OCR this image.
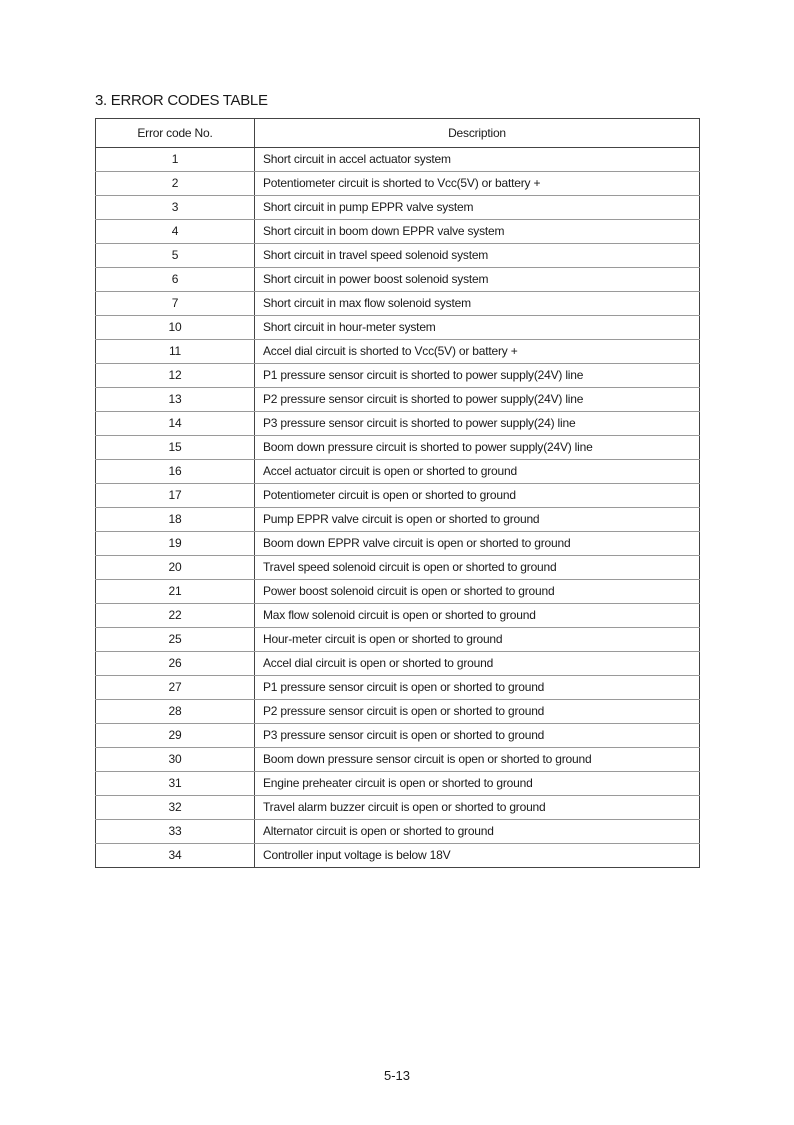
3. ERROR CODES TABLE
Error code No.	Description
1	Short circuit in accel actuator system
2	Potentiometer circuit is shorted to Vcc(5V) or battery +
3	Short circuit in pump EPPR valve system
4	Short circuit in boom down EPPR valve system
5	Short circuit in travel speed solenoid system
6	Short circuit in power boost solenoid system
7	Short circuit in max flow solenoid system
10	Short circuit in hour-meter system
11	Accel dial circuit is shorted to Vcc(5V) or battery +
12	P1 pressure sensor circuit is shorted to power supply(24V) line
13	P2 pressure sensor circuit is shorted to power supply(24V) line
14	P3 pressure sensor circuit is shorted to power supply(24) line
15	Boom down pressure circuit is shorted to power supply(24V) line
16	Accel actuator circuit is open or shorted to ground
17	Potentiometer circuit is open or shorted to ground
18	Pump EPPR valve circuit is open or shorted to ground
19	Boom down EPPR valve circuit is open or shorted to ground
20	Travel speed solenoid circuit is open or shorted to ground
21	Power boost solenoid circuit is open or shorted to ground
22	Max flow solenoid circuit is open or shorted to ground
25	Hour-meter circuit is open or shorted to ground
26	Accel dial circuit is open or shorted to ground
27	P1 pressure sensor circuit is open or shorted to ground
28	P2 pressure sensor circuit is open or shorted to ground
29	P3 pressure sensor circuit is open or shorted to ground
30	Boom down pressure sensor circuit is open or shorted to ground
31	Engine preheater circuit is open or shorted to ground
32	Travel alarm buzzer circuit is open or shorted to ground
33	Alternator circuit is open or shorted to ground
34	Controller input voltage is below 18V
5-13
